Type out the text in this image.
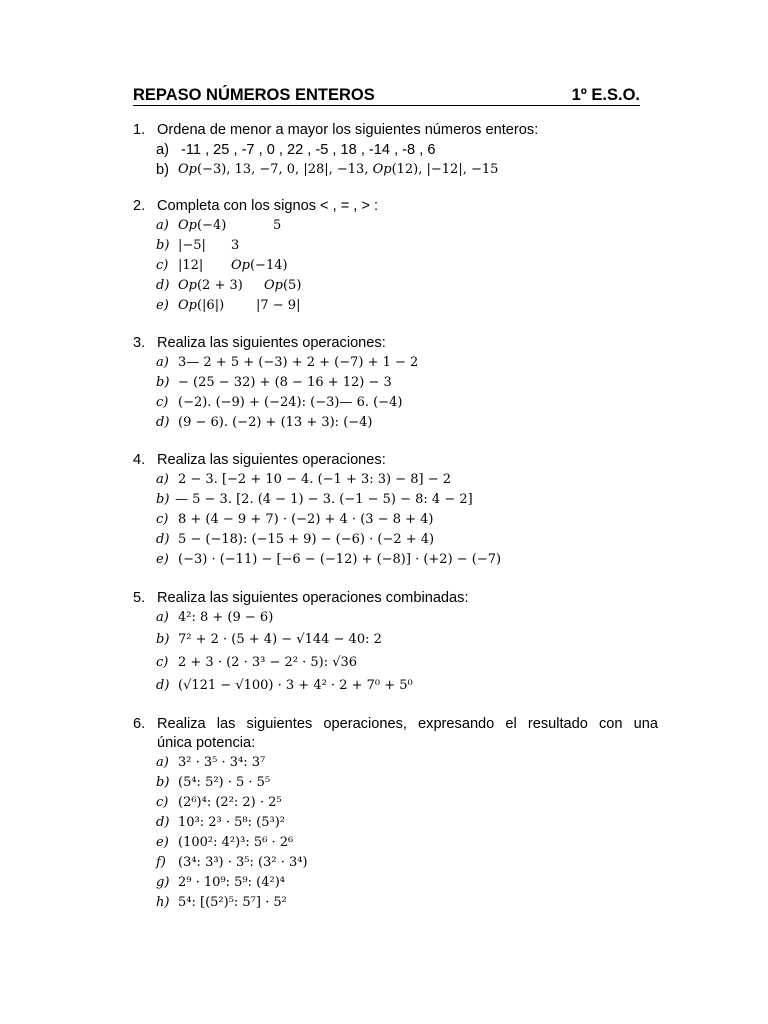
REPASO NÚMEROS ENTEROS	1º E.S.O.
1. Ordena de menor a mayor los siguientes números enteros:
a) -11 , 25 , -7 , 0 , 22 , -5 , 18 , -14 , -8 , 6
b) 𝑂𝑝(−3), 13, −7, 0, |28|, −13, 𝑂𝑝(12), |−12|, −15
2. Completa con los signos < , = , > :
a) 𝑂𝑝(−4)	5
b) |−5| 3
c) |12| 𝑂𝑝(−14)
d) 𝑂𝑝(2 + 3) 𝑂𝑝(5)
e) 𝑂𝑝(|6|) |7 − 9|
3. Realiza las siguientes operaciones:
a) 3— 2 + 5 + (−3) + 2 + (−7) + 1 − 2
b) − (25 − 32) + (8 − 16 + 12) − 3
c) (−2). (−9) + (−24): (−3)— 6. (−4)
d) (9 − 6). (−2) + (13 + 3): (−4)
4. Realiza las siguientes operaciones:
a) 2 − 3. [−2 + 10 − 4. (−1 + 3: 3) − 8] − 2
b) — 5 − 3. [2. (4 − 1) − 3. (−1 − 5) − 8: 4 − 2]
c) 8 + (4 − 9 + 7) · (−2) + 4 · (3 − 8 + 4)
d) 5 − (−18): (−15 + 9) − (−6) · (−2 + 4)
e) (−3) · (−11) − [−6 − (−12) + (−8)] · (+2) − (−7)
5. Realiza las siguientes operaciones combinadas:
a) 4²: 8 + (9 − 6)
b) 7² + 2 · (5 + 4) − √144 − 40: 2
c) 2 + 3 · (2 · 3³ − 2² · 5): √36
d) (√121 − √100) · 3 + 4² · 2 + 7⁰ + 5⁰
6. Realiza las siguientes operaciones, expresando el resultado con una
única potencia:
a) 3² · 3⁵ · 3⁴: 3⁷
b) (5⁴: 5²) · 5 · 5⁵
c) (2⁶)⁴: (2²: 2) · 2⁵
d) 10³: 2³ · 5⁸: (5³)²
e) (100²: 4²)³: 5⁶ · 2⁶
f) (3⁴: 3³) · 3⁵: (3² · 3⁴)
g) 2⁹ · 10⁹: 5⁹: (4²)⁴
h) 5⁴: [(5²)⁵: 5⁷] · 5²
